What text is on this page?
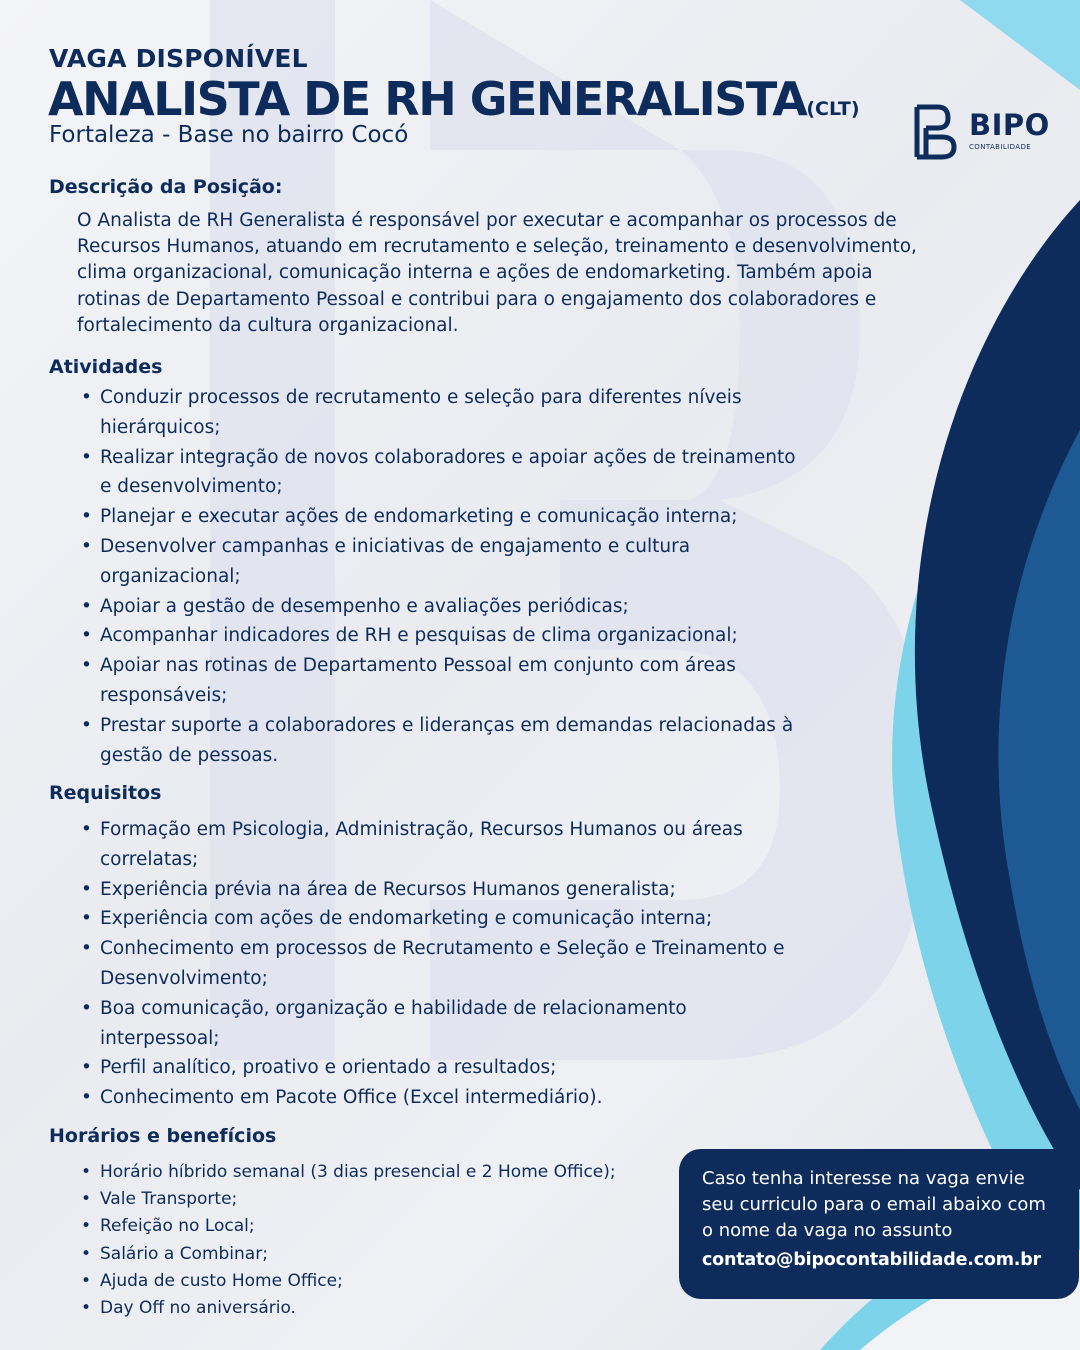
VAGA DISPONÍVEL
ANALISTA DE RH GENERALISTA(CLT)
Fortaleza - Base no bairro Cocó	BIPO
CONTABILIDADE
Descrição da Posição:
O Analista de RH Generalista é responsável por executar e acompanhar os processos de Recursos Humanos, atuando em recrutamento e seleção, treinamento e desenvolvimento, clima organizacional, comunicação interna e ações de endomarketing. Também apoia rotinas de Departamento Pessoal e contribui para o engajamento dos colaboradores e fortalecimento da cultura organizacional.
Atividades
• Conduzir processos de recrutamento e seleção para diferentes níveis hierárquicos;
• Realizar integração de novos colaboradores e apoiar ações de treinamento e desenvolvimento;
• Planejar e executar ações de endomarketing e comunicação interna;
• Desenvolver campanhas e iniciativas de engajamento e cultura organizacional;
• Apoiar a gestão de desempenho e avaliações periódicas;
• Acompanhar indicadores de RH e pesquisas de clima organizacional;
• Apoiar nas rotinas de Departamento Pessoal em conjunto com áreas responsáveis;
• Prestar suporte a colaboradores e lideranças em demandas relacionadas à gestão de pessoas.
Requisitos
• Formação em Psicologia, Administração, Recursos Humanos ou áreas correlatas;
• Experiência prévia na área de Recursos Humanos generalista;
• Experiência com ações de endomarketing e comunicação interna;
• Conhecimento em processos de Recrutamento e Seleção e Treinamento e Desenvolvimento;
• Boa comunicação, organização e habilidade de relacionamento interpessoal;
• Perfil analítico, proativo e orientado a resultados;
• Conhecimento em Pacote Office (Excel intermediário).
Horários e benefícios
• Horário híbrido semanal (3 dias presencial e 2 Home Office);
• Vale Transporte;
• Refeição no Local;
• Salário a Combinar;
• Ajuda de custo Home Office;
• Day Off no aniversário.
Caso tenha interesse na vaga envie seu curriculo para o email abaixo com o nome da vaga no assunto
contato@bipocontabilidade.com.br
